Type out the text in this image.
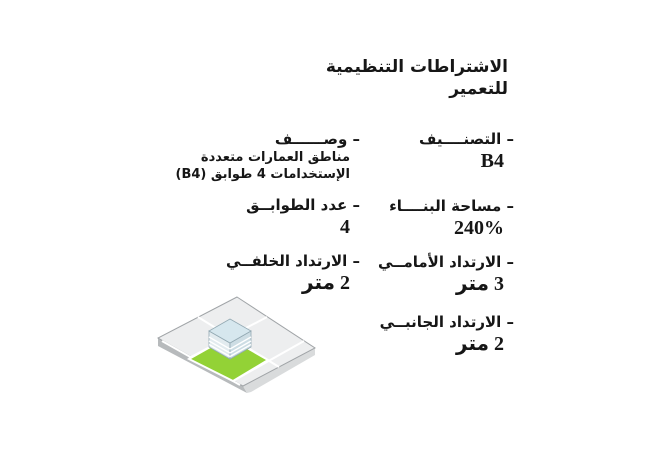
الاشتراطات التنظيمية
للتعمير
– التصنــــيف
B4
– مساحة البنــــاء
240%
– الارتداد الأمامــي
3 متر
– الارتداد الجانبــي
2 متر
– وصــــــف
مناطق العمارات متعددة الإستخدامات 4 طوابق (B4)
– عدد الطوابــق
4
– الارتداد الخلفــي
2 متر
